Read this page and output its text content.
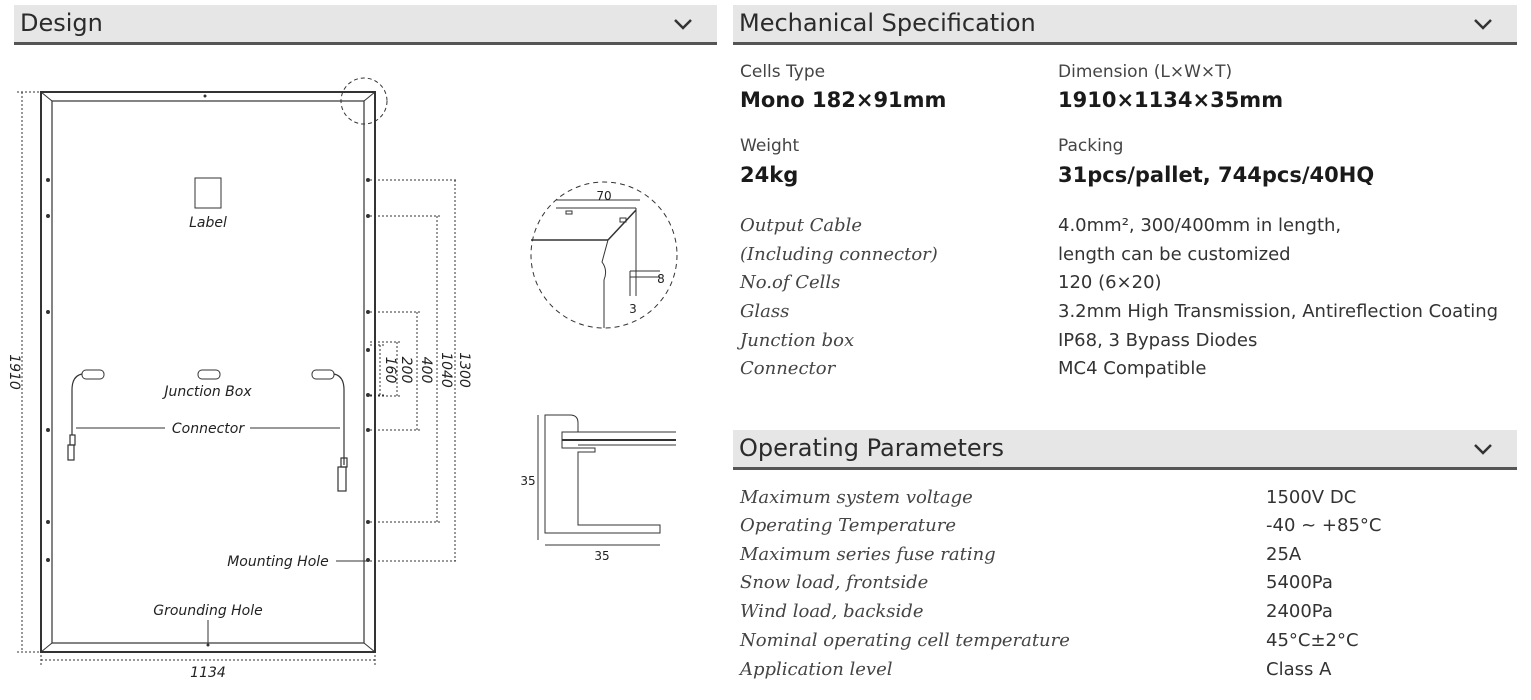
Design
Label
Junction Box
Connector
Mounting Hole
Grounding Hole
1910
1134
1300
1040
400
200
160
70
8
3
35
35
Mechanical Specification
Cells Type
Mono 182×91mm
Dimension (L×W×T)
1910×1134×35mm
Weight
24kg
Packing
31pcs/pallet, 744pcs/40HQ
Output Cable	4.0mm², 300/400mm in length,
(Including connector)	length can be customized
No.of Cells	120 (6×20)
Glass	3.2mm High Transmission, Antireflection Coating
Junction box	IP68, 3 Bypass Diodes
Connector	MC4 Compatible
Operating Parameters
Maximum system voltage	1500V DC
Operating Temperature	-40 ~ +85°C
Maximum series fuse rating	25A
Snow load, frontside	5400Pa
Wind load, backside	2400Pa
Nominal operating cell temperature	45°C±2°C
Application level	Class A
